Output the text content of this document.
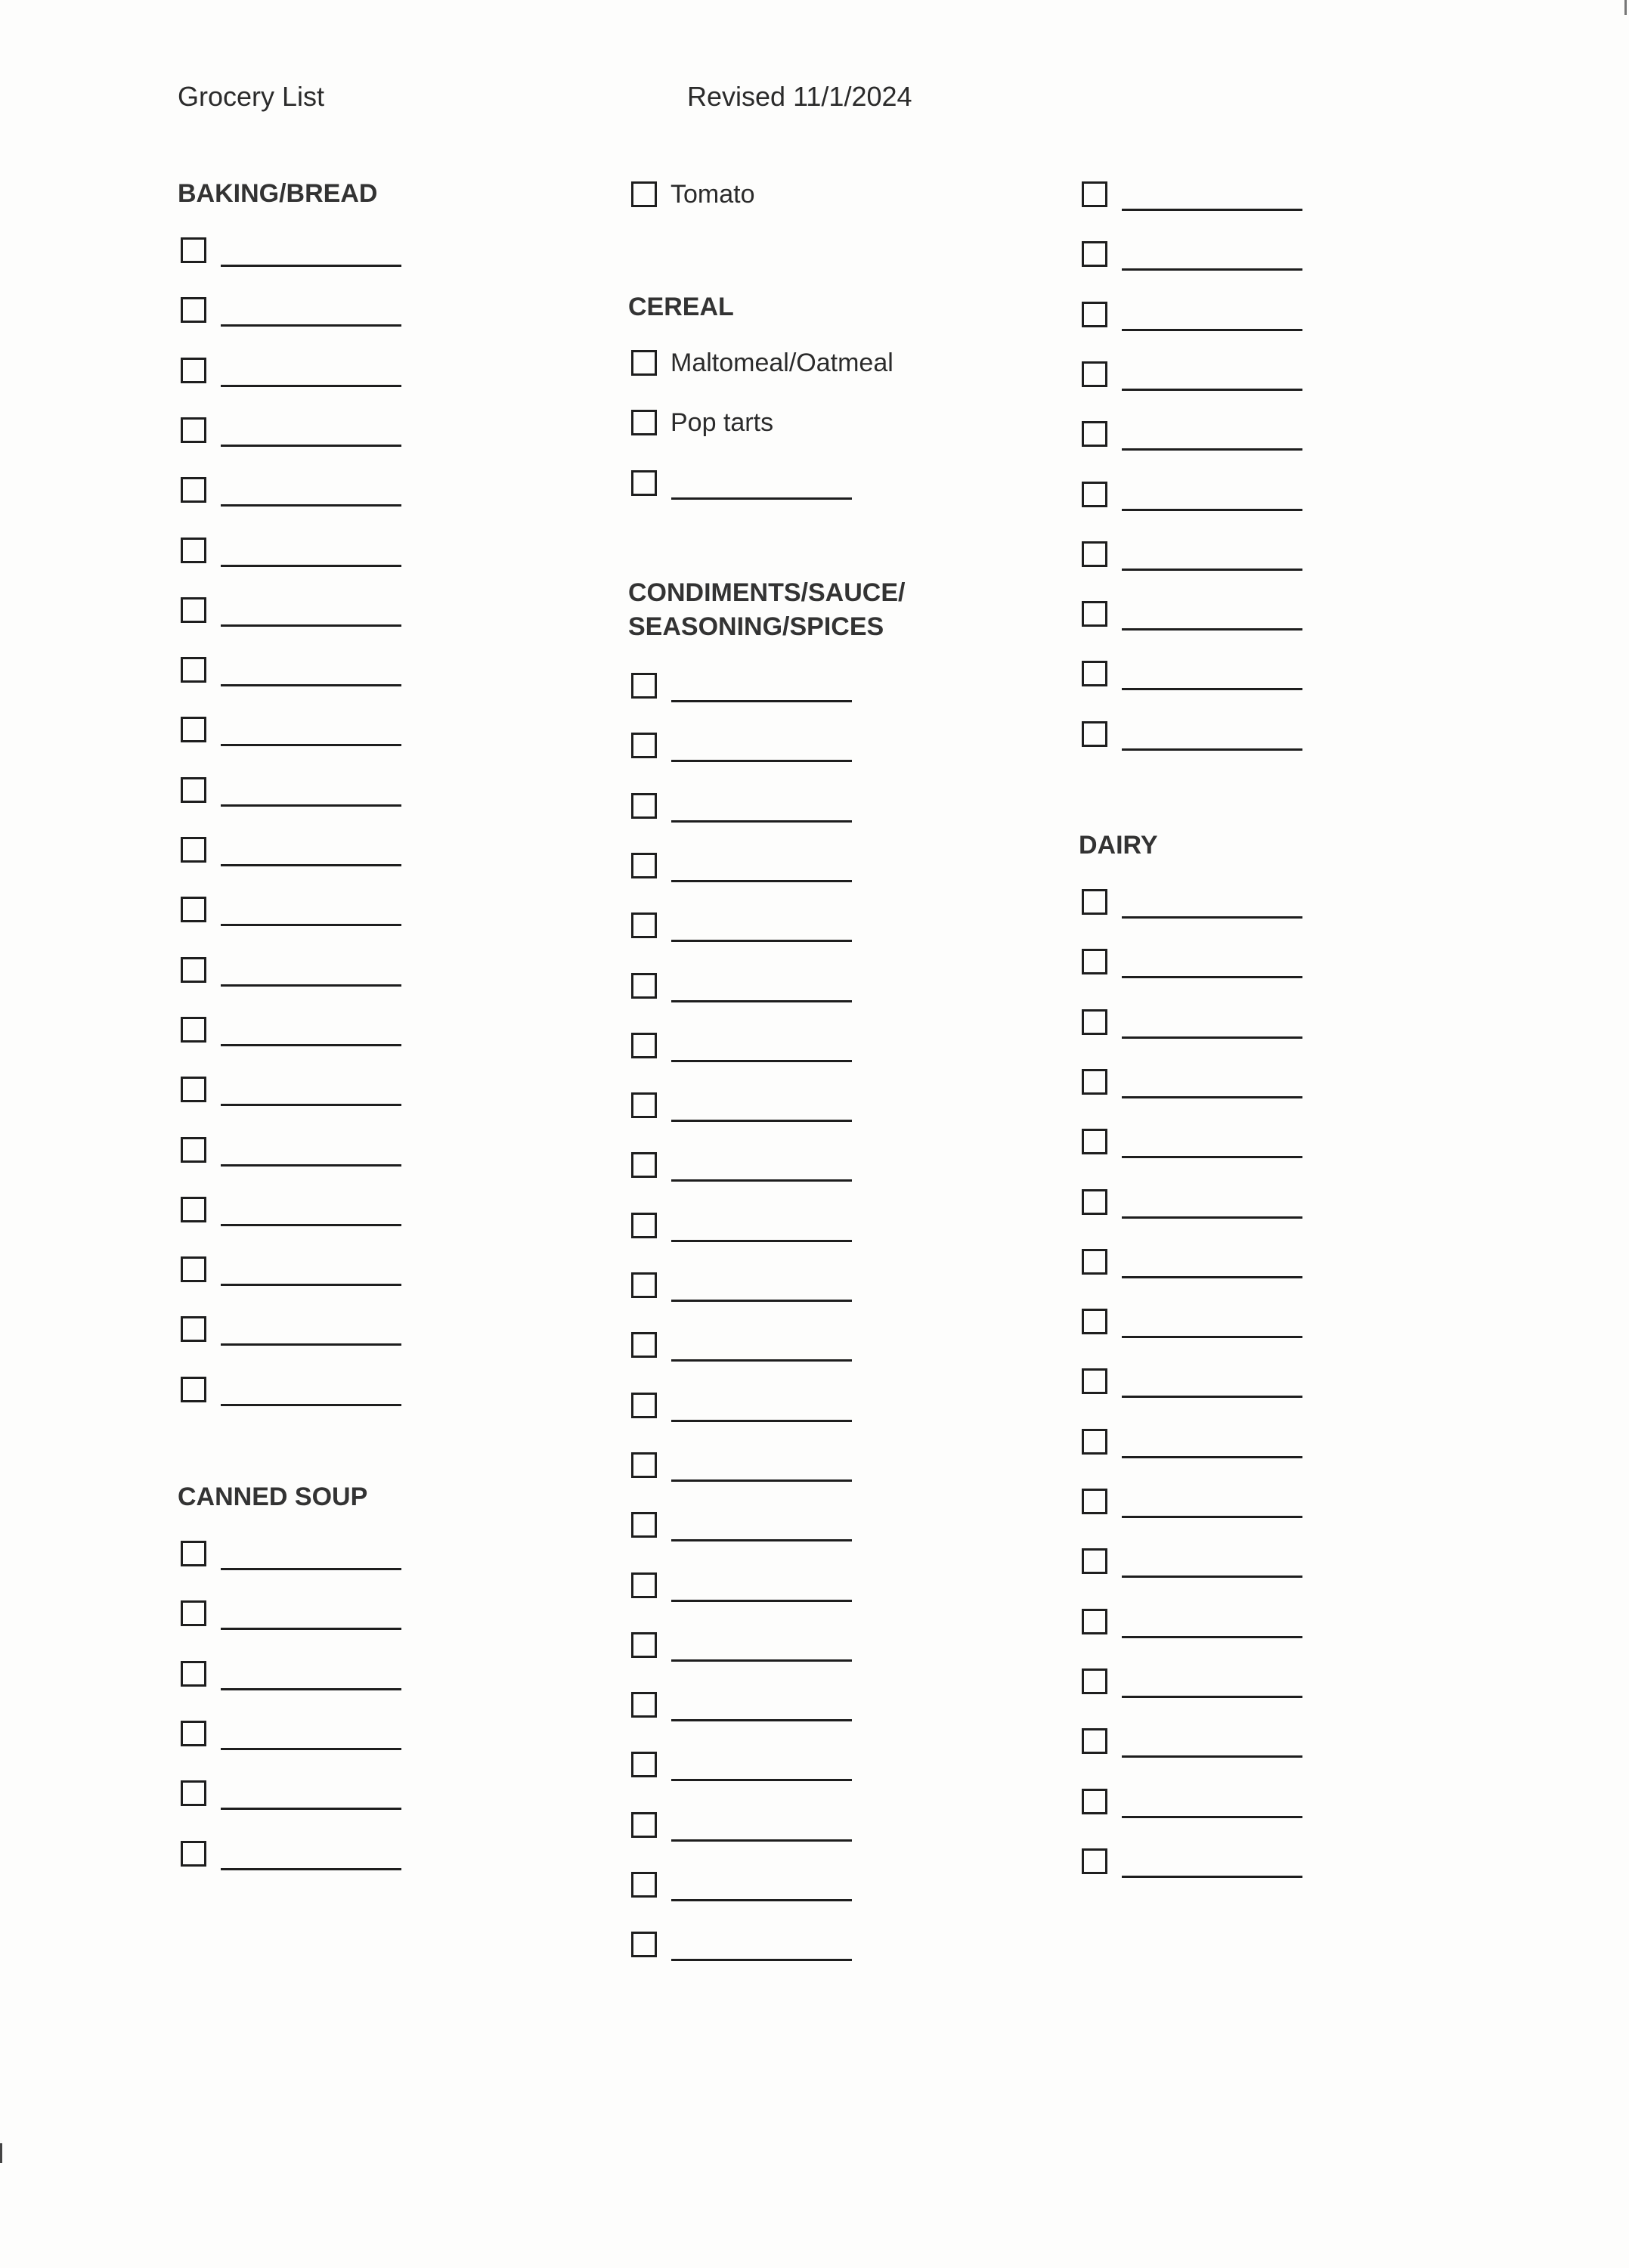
Grocery List	Revised 11/1/2024
BAKING/BREAD
CANNED SOUP
Tomato
CEREAL
Maltomeal/Oatmeal
Pop tarts
CONDIMENTS/SAUCE/
SEASONING/SPICES
DAIRY
